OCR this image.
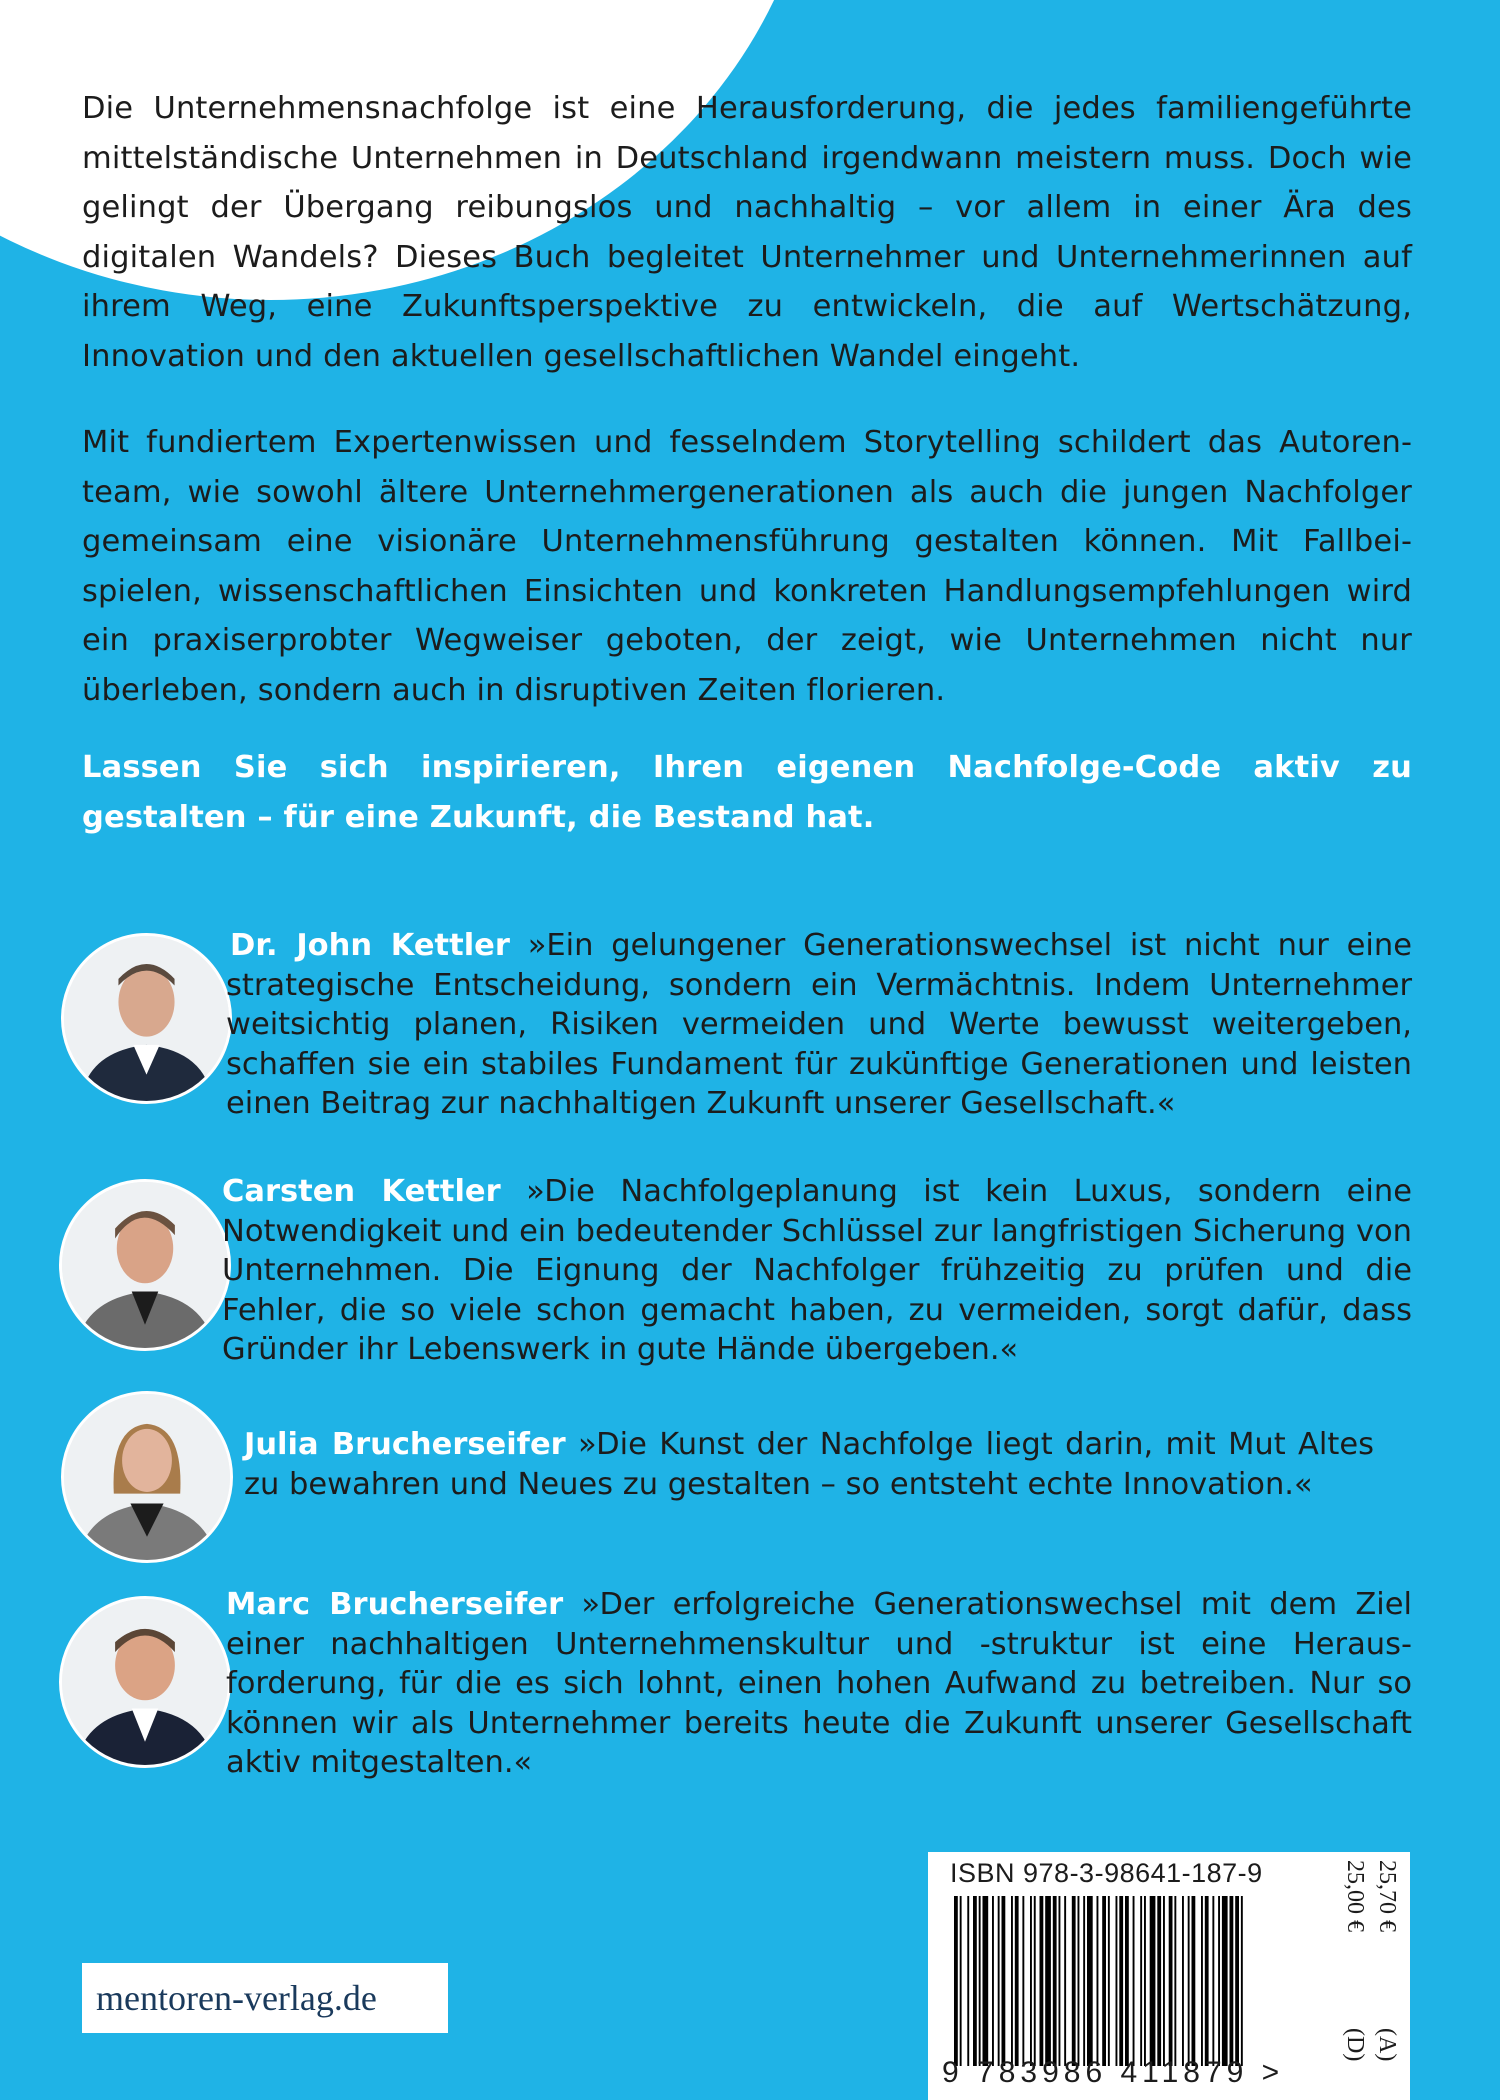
Die Unternehmensnachfolge ist eine Herausforderung, die jedes familiengeführte mittelständische Unternehmen in Deutschland irgendwann meistern muss. Doch wie gelingt der Übergang reibungslos und nachhaltig – vor allem in einer Ära des digitalen Wandels? Dieses Buch begleitet Unternehmer und Unternehmerinnen auf ihrem Weg, eine Zukunftsperspektive zu entwickeln, die auf Wertschätzung, Innovation und den aktuellen gesellschaftlichen Wandel eingeht.

Mit fundiertem Expertenwissen und fesselndem Storytelling schildert das Autorenteam, wie sowohl ältere Unternehmergenerationen als auch die jungen Nachfolger gemeinsam eine visionäre Unternehmensführung gestalten können. Mit Fallbeispielen, wissenschaftlichen Einsichten und konkreten Handlungsempfehlungen wird ein praxiserprobter Wegweiser geboten, der zeigt, wie Unternehmen nicht nur überleben, sondern auch in disruptiven Zeiten florieren.

Lassen Sie sich inspirieren, Ihren eigenen Nachfolge-Code aktiv zu gestalten – für eine Zukunft, die Bestand hat.

Dr. John Kettler »Ein gelungener Generationswechsel ist nicht nur eine strategische Entscheidung, sondern ein Vermächtnis. Indem Unternehmer weitsichtig planen, Risiken vermeiden und Werte bewusst weitergeben, schaffen sie ein stabiles Fundament für zukünftige Generationen und leisten einen Beitrag zur nachhaltigen Zukunft unserer Gesellschaft.«

Carsten Kettler »Die Nachfolgeplanung ist kein Luxus, sondern eine Notwendigkeit und ein bedeutender Schlüssel zur langfristigen Sicherung von Unternehmen. Die Eignung der Nachfolger frühzeitig zu prüfen und die Fehler, die so viele schon gemacht haben, zu vermeiden, sorgt dafür, dass Gründer ihr Lebenswerk in gute Hände übergeben.«

Julia Brucherseifer »Die Kunst der Nachfolge liegt darin, mit Mut Altes zu bewahren und Neues zu gestalten – so entsteht echte Innovation.«

Marc Brucherseifer »Der erfolgreiche Generationswechsel mit dem Ziel einer nachhaltigen Unternehmenskultur und -struktur ist eine Herausforderung, für die es sich lohnt, einen hohen Aufwand zu betreiben. Nur so können wir als Unternehmer bereits heute die Zukunft unserer Gesellschaft aktiv mitgestalten.«

ISBN 978-3-98641-187-9
9 783986 411879 >
25,00 € 25,70 €
(D) (A)
mentoren-verlag.de
